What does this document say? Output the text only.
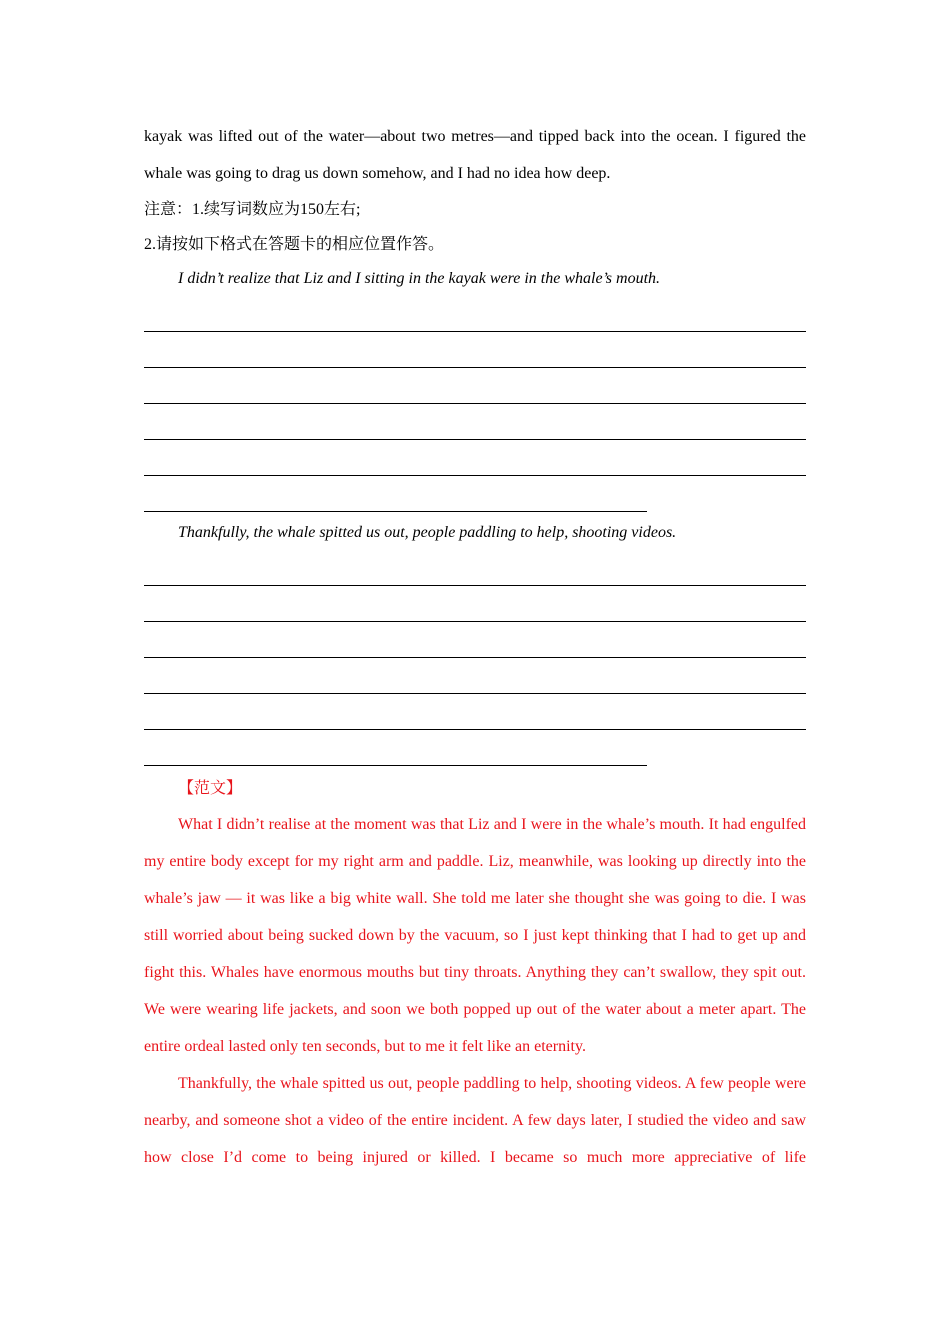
kayak was lifted out of the water—about two metres—and tipped back into the ocean. I figured the whale was going to drag us down somehow, and I had no idea how deep.

注意：1.续写词数应为150左右;

2.请按如下格式在答题卡的相应位置作答。

I didn’t realize that Liz and I sitting in the kayak were in the whale’s mouth.

Thankfully, the whale spitted us out, people paddling to help, shooting videos.

【范文】

What I didn’t realise at the moment was that Liz and I were in the whale’s mouth. It had engulfed my entire body except for my right arm and paddle. Liz, meanwhile, was looking up directly into the whale’s jaw — it was like a big white wall. She told me later she thought she was going to die. I was still worried about being sucked down by the vacuum, so I just kept thinking that I had to get up and fight this. Whales have enormous mouths but tiny throats. Anything they can’t swallow, they spit out. We were wearing life jackets, and soon we both popped up out of the water about a meter apart. The entire ordeal lasted only ten seconds, but to me it felt like an eternity.

Thankfully, the whale spitted us out, people paddling to help, shooting videos. A few people were nearby, and someone shot a video of the entire incident. A few days later, I studied the video and saw how close I’d come to being injured or killed. I became so much more appreciative of life
